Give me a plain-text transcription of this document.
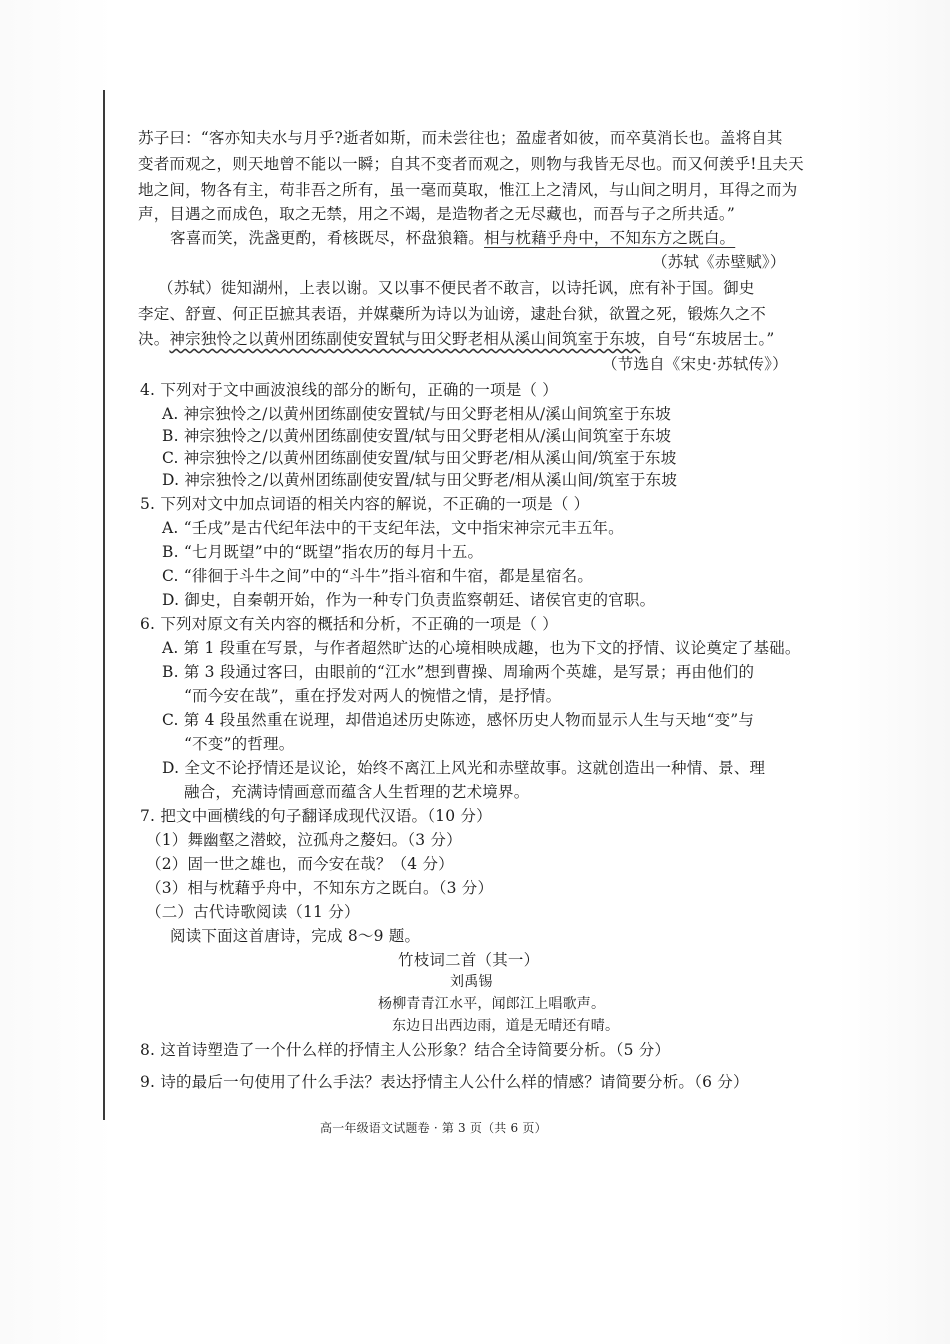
苏子曰：“客亦知夫水与月乎?逝者如斯，而未尝往也；盈虚者如彼，而卒莫消长也。盖将自其
变者而观之，则天地曾不能以一瞬；自其不变者而观之，则物与我皆无尽也。而又何羡乎!且夫天
地之间，物各有主，苟非吾之所有，虽一毫而莫取，惟江上之清风，与山间之明月，耳得之而为
声，目遇之而成色，取之无禁，用之不竭，是造物者之无尽藏也，而吾与子之所共适。”
客喜而笑，洗盏更酌，肴核既尽，杯盘狼籍。相与枕藉乎舟中，不知东方之既白。
（苏轼《赤壁赋》）
（苏轼）徙知湖州，上表以谢。又以事不便民者不敢言，以诗托讽，庶有补于国。御史
李定、舒亶、何正臣摭其表语，并媒蘗所为诗以为讪谤，逮赴台狱，欲置之死，锻炼久之不
决。神宗独怜之以黄州团练副使安置轼与田父野老相从溪山间筑室于东坡，自号“东坡居士。”
（节选自《宋史·苏轼传》）
4. 下列对于文中画波浪线的部分的断句，正确的一项是（ ）
A. 神宗独怜之/以黄州团练副使安置轼/与田父野老相从/溪山间筑室于东坡
B. 神宗独怜之/以黄州团练副使安置/轼与田父野老相从/溪山间筑室于东坡
C. 神宗独怜之/以黄州团练副使安置/轼与田父野老/相从溪山间/筑室于东坡
D. 神宗独怜之/以黄州团练副使安置/轼与田父野老/相从溪山间/筑室于东坡
5. 下列对文中加点词语的相关内容的解说，不正确的一项是（ ）
A. “壬戌”是古代纪年法中的干支纪年法，文中指宋神宗元丰五年。
B. “七月既望”中的“既望”指农历的每月十五。
C. “徘徊于斗牛之间”中的“斗牛”指斗宿和牛宿，都是星宿名。
D. 御史，自秦朝开始，作为一种专门负责监察朝廷、诸侯官吏的官职。
6. 下列对原文有关内容的概括和分析，不正确的一项是（ ）
A. 第 1 段重在写景，与作者超然旷达的心境相映成趣，也为下文的抒情、议论奠定了基础。
B. 第 3 段通过客曰，由眼前的“江水”想到曹操、周瑜两个英雄，是写景；再由他们的
“而今安在哉”，重在抒发对两人的惋惜之情，是抒情。
C. 第 4 段虽然重在说理，却借追述历史陈迹，感怀历史人物而显示人生与天地“变”与
“不变”的哲理。
D. 全文不论抒情还是议论，始终不离江上风光和赤壁故事。这就创造出一种情、景、理
融合，充满诗情画意而蕴含人生哲理的艺术境界。
7. 把文中画横线的句子翻译成现代汉语。（10 分）
（1）舞幽壑之潜蛟，泣孤舟之嫠妇。（3 分）
（2）固一世之雄也，而今安在哉？（4 分）
（3）相与枕藉乎舟中，不知东方之既白。（3 分）
（二）古代诗歌阅读（11 分）
阅读下面这首唐诗，完成 8～9 题。
竹枝词二首（其一）
刘禹锡
杨柳青青江水平，闻郎江上唱歌声。
东边日出西边雨，道是无晴还有晴。
8. 这首诗塑造了一个什么样的抒情主人公形象？结合全诗简要分析。（5 分）
9. 诗的最后一句使用了什么手法？表达抒情主人公什么样的情感？请简要分析。（6 分）
高一年级语文试题卷 · 第 3 页（共 6 页）
